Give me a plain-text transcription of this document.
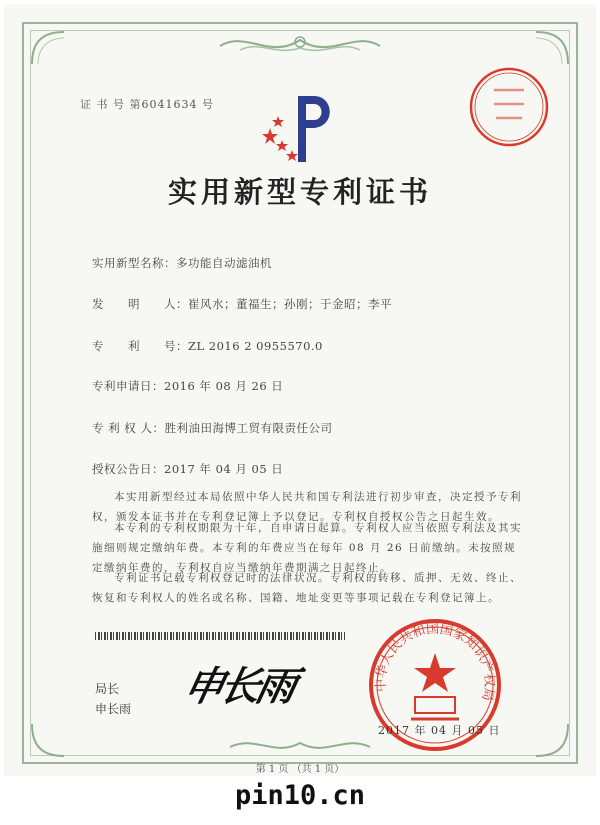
证 书 号 第6041634 号
实用新型专利证书
实用新型名称：多功能自动滤油机
发　　明　　人：崔风水；董福生；孙刚；于金昭；李平
专　　利　　号：ZL 2016 2 0955570.0
专利申请日：2016 年 08 月 26 日
专 利 权 人：胜利油田海博工贸有限责任公司
授权公告日：2017 年 04 月 05 日
本实用新型经过本局依照中华人民共和国专利法进行初步审查，决定授予专利权，颁发本证书并在专利登记簿上予以登记。专利权自授权公告之日起生效。
本专利的专利权期限为十年，自申请日起算。专利权人应当依照专利法及其实施细则规定缴纳年费。本专利的年费应当在每年 08 月 26 日前缴纳。未按照规定缴纳年费的，专利权自应当缴纳年费期满之日起终止。
专利证书记载专利权登记时的法律状况。专利权的转移、质押、无效、终止、恢复和专利权人的姓名或名称、国籍、地址变更等事项记载在专利登记簿上。
局长
申长雨 申长雨	中华人民共和国国家知识产权局
2017 年 04 月 05 日
第 1 页 （共 1 页）
pin10.cn
